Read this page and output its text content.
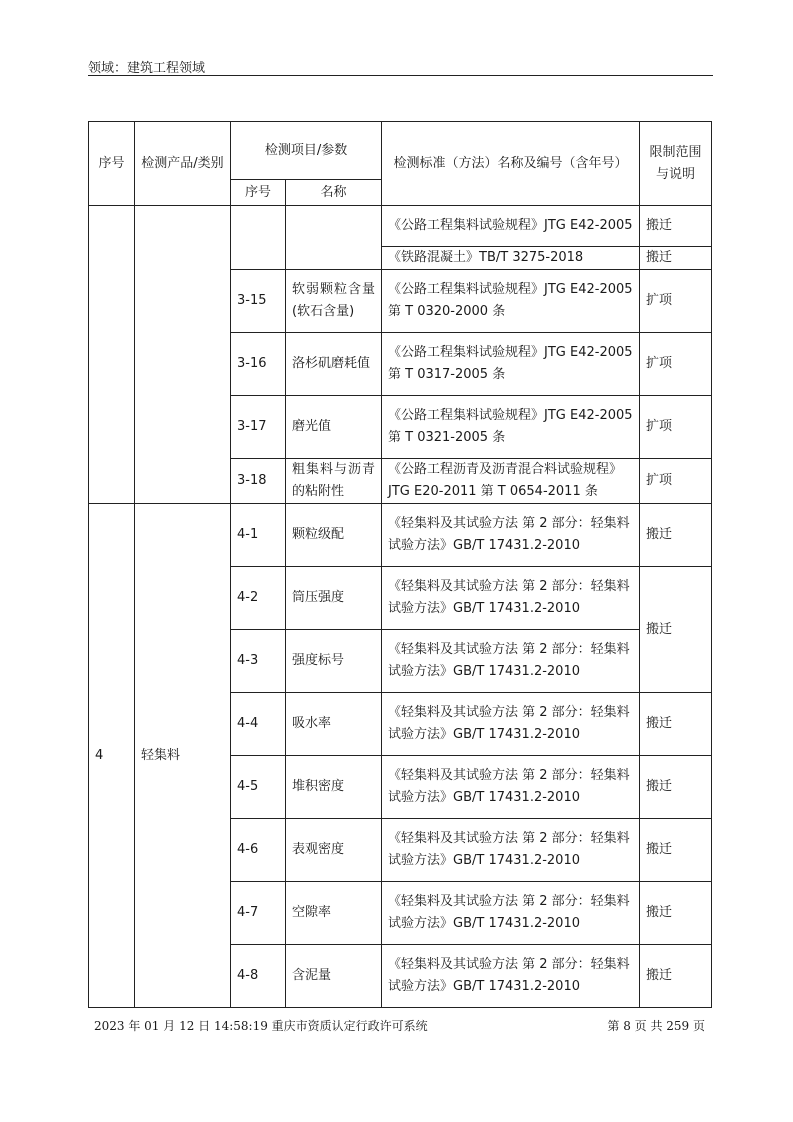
领域：建筑工程领域
序号	检测产品/类别	检测项目/参数		检测标准（方法）名称及编号（含年号）	限制范围与说明
		序号	名称		
				《公路工程集料试验规程》JTG E42-2005	搬迁
				《铁路混凝土》TB/T 3275-2018	搬迁
		3-15	软弱颗粒含量(软石含量)	《公路工程集料试验规程》JTG E42-2005 第 T 0320-2000 条	扩项
		3-16	洛杉矶磨耗值	《公路工程集料试验规程》JTG E42-2005 第 T 0317-2005 条	扩项
		3-17	磨光值	《公路工程集料试验规程》JTG E42-2005 第 T 0321-2005 条	扩项
		3-18	粗集料与沥青的粘附性	《公路工程沥青及沥青混合料试验规程》JTG E20-2011 第 T 0654-2011 条	扩项
4	轻集料	4-1	颗粒级配	《轻集料及其试验方法 第 2 部分：轻集料试验方法》GB/T 17431.2-2010	搬迁
		4-2	筒压强度	《轻集料及其试验方法 第 2 部分：轻集料试验方法》GB/T 17431.2-2010	搬迁
		4-3	强度标号	《轻集料及其试验方法 第 2 部分：轻集料试验方法》GB/T 17431.2-2010	
		4-4	吸水率	《轻集料及其试验方法 第 2 部分：轻集料试验方法》GB/T 17431.2-2010	搬迁
		4-5	堆积密度	《轻集料及其试验方法 第 2 部分：轻集料试验方法》GB/T 17431.2-2010	搬迁
		4-6	表观密度	《轻集料及其试验方法 第 2 部分：轻集料试验方法》GB/T 17431.2-2010	搬迁
		4-7	空隙率	《轻集料及其试验方法 第 2 部分：轻集料试验方法》GB/T 17431.2-2010	搬迁
		4-8	含泥量	《轻集料及其试验方法 第 2 部分：轻集料试验方法》GB/T 17431.2-2010	搬迁
2023 年 01 月 12 日 14:58:19 重庆市资质认定行政许可系统	第 8 页 共 259 页
